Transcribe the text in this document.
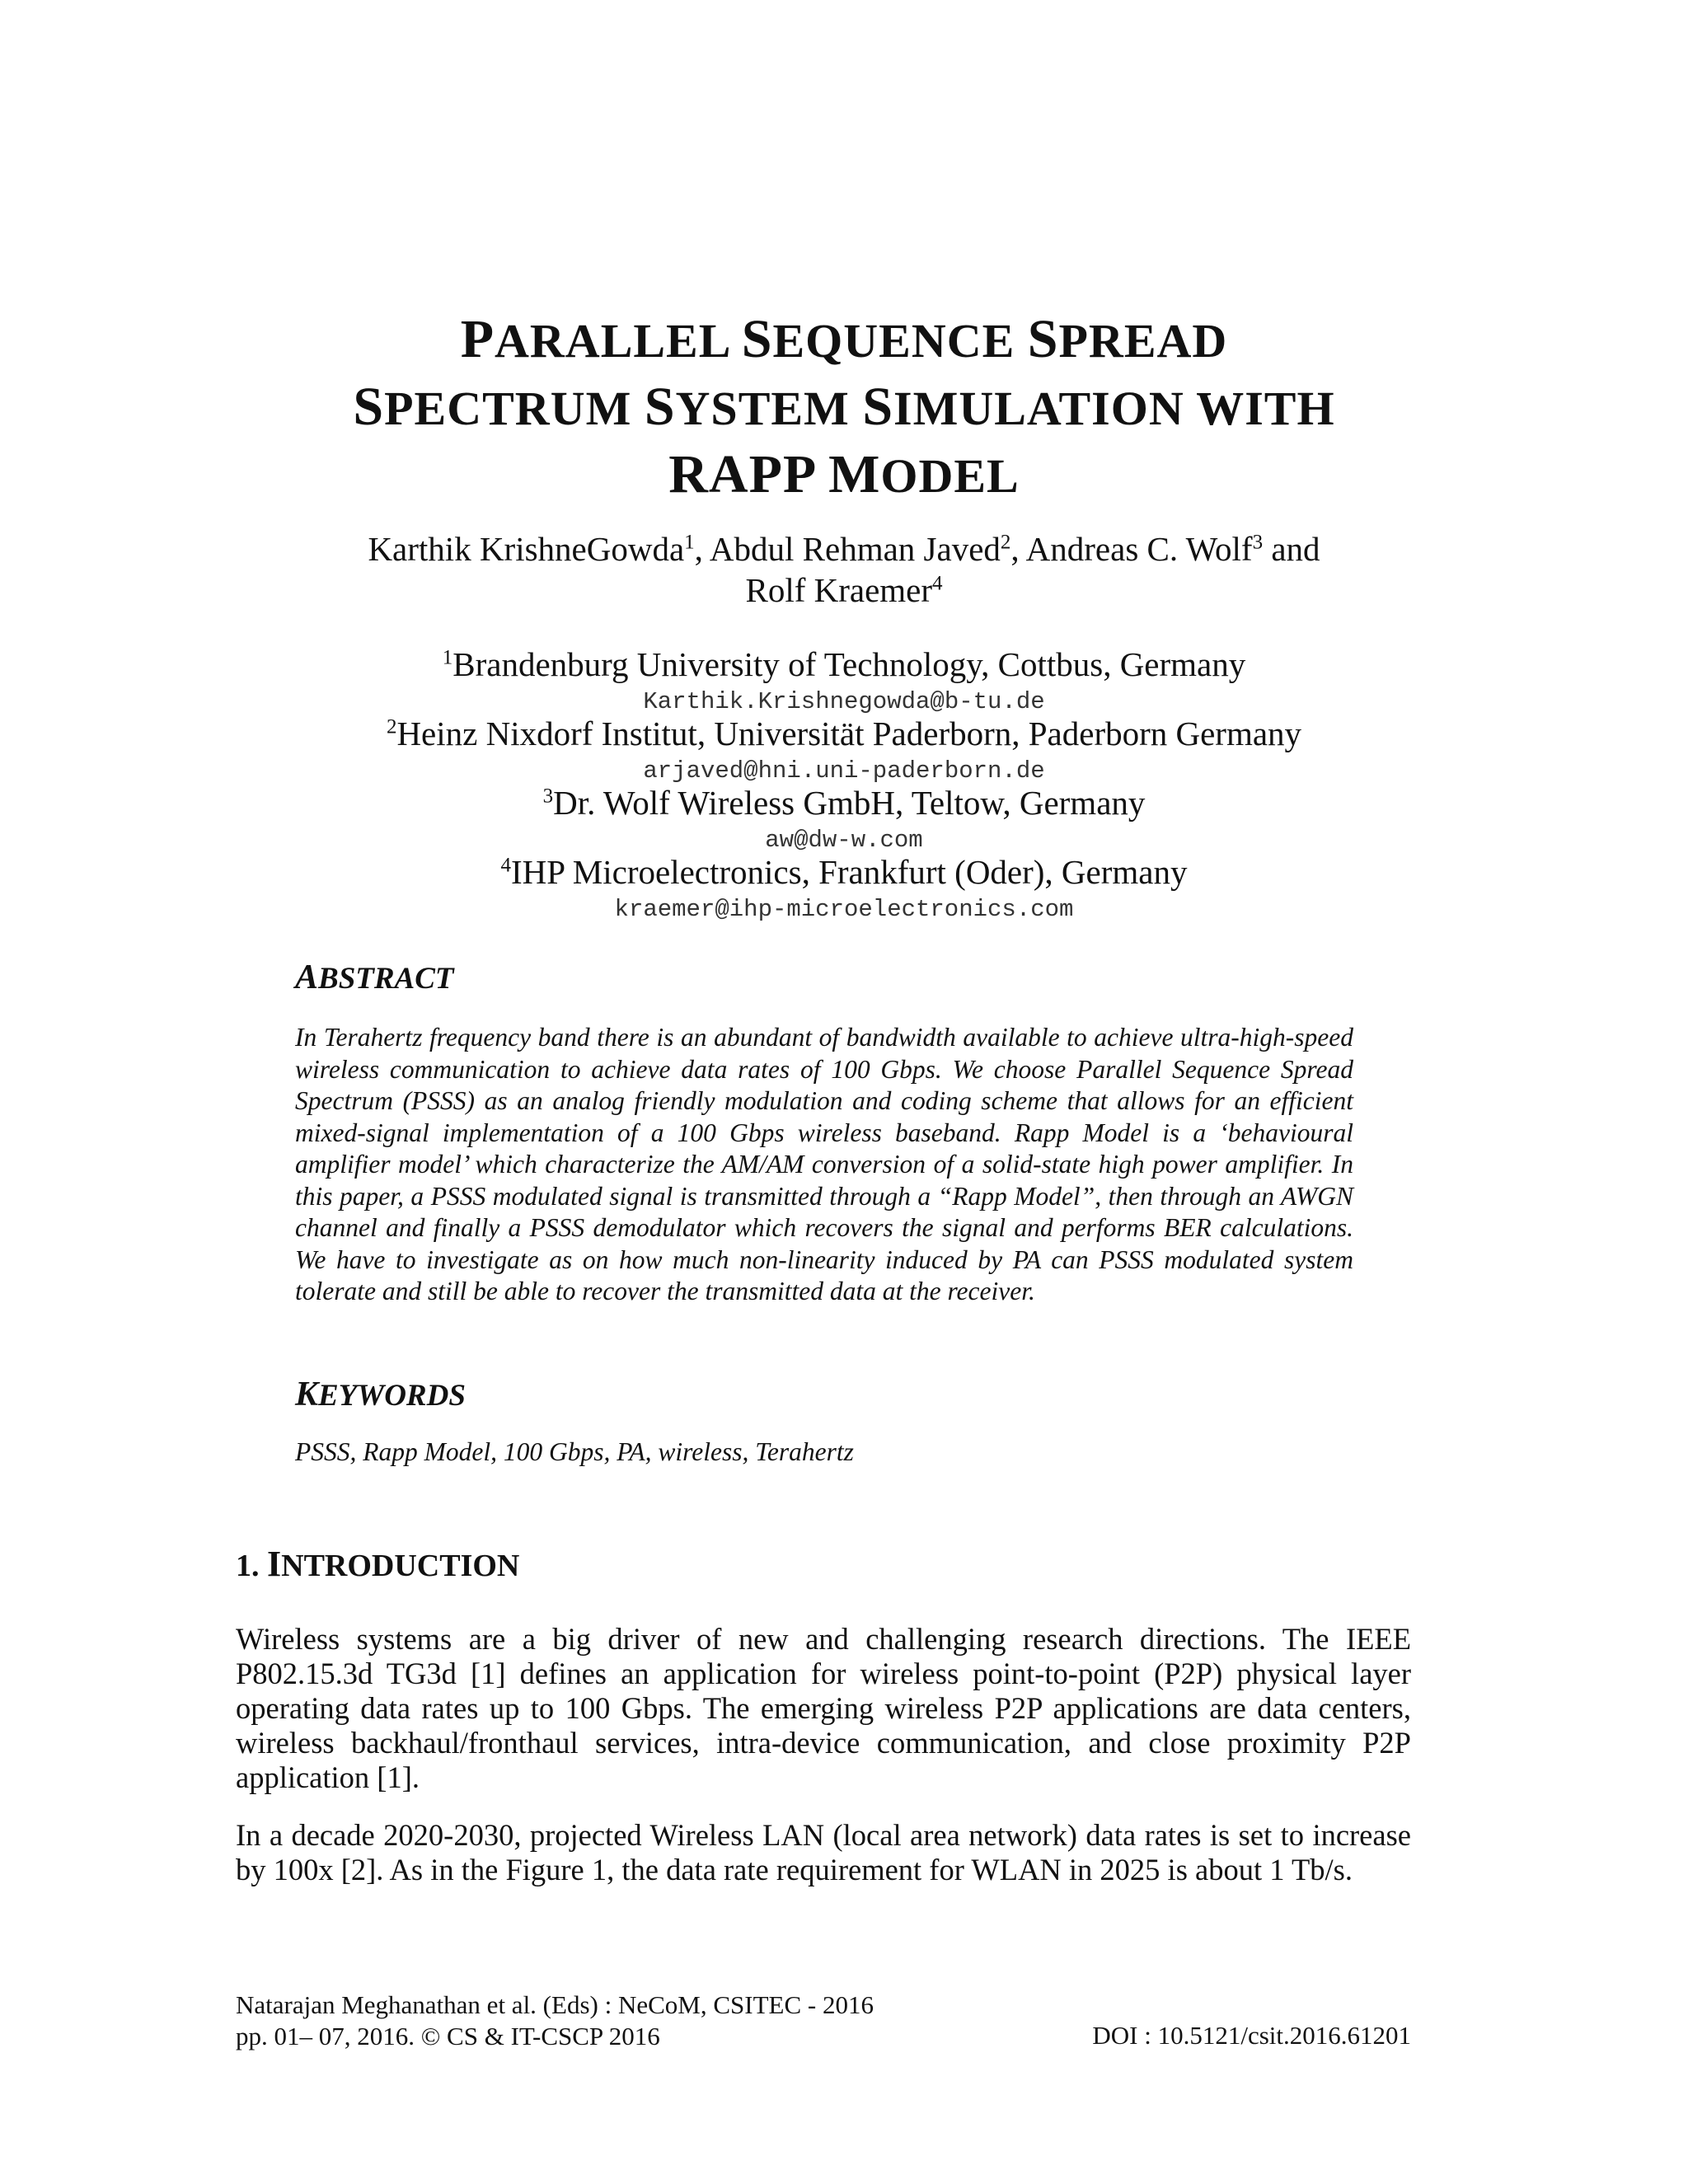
PARALLEL SEQUENCE SPREAD
SPECTRUM SYSTEM SIMULATION WITH
RAPP MODEL
Karthik KrishneGowda$^1$, Abdul Rehman Javed$^2$, Andreas C. Wolf$^3$ and
Rolf Kraemer$^4$
$^1$Brandenburg University of Technology, Cottbus, Germany
Karthik.Krishnegowda@b-tu.de
$^2$Heinz Nixdorf Institut, Universität Paderborn, Paderborn Germany
arjaved@hni.uni-paderborn.de
$^3$Dr. Wolf Wireless GmbH, Teltow, Germany
aw@dw-w.com
$^4$IHP Microelectronics, Frankfurt (Oder), Germany
kraemer@ihp-microelectronics.com
ABSTRACT
In Terahertz frequency band there is an abundant of bandwidth available to achieve ultra-high-speed wireless communication to achieve data rates of 100 Gbps. We choose Parallel Sequence Spread Spectrum (PSSS) as an analog friendly modulation and coding scheme that allows for an efficient mixed-signal implementation of a 100 Gbps wireless baseband. Rapp Model is a ‘behavioural amplifier model’ which characterize the AM/AM conversion of a solid-state high power amplifier. In this paper, a PSSS modulated signal is transmitted through a “Rapp Model”, then through an AWGN channel and finally a PSSS demodulator which recovers the signal and performs BER calculations. We have to investigate as on how much non-linearity induced by PA can PSSS modulated system tolerate and still be able to recover the transmitted data at the receiver.
KEYWORDS
PSSS, Rapp Model, 100 Gbps, PA, wireless, Terahertz
1. INTRODUCTION
Wireless systems are a big driver of new and challenging research directions. The IEEE P802.15.3d TG3d [1] defines an application for wireless point-to-point (P2P) physical layer operating data rates up to 100 Gbps. The emerging wireless P2P applications are data centers, wireless backhaul/fronthaul services, intra-device communication, and close proximity P2P application [1].
In a decade 2020-2030, projected Wireless LAN (local area network) data rates is set to increase by 100x [2]. As in the Figure 1, the data rate requirement for WLAN in 2025 is about 1 Tb/s.
Natarajan Meghanathan et al. (Eds) : NeCoM, CSITEC - 2016
pp. 01– 07, 2016. © CS & IT-CSCP 2016	DOI : 10.5121/csit.2016.61201
